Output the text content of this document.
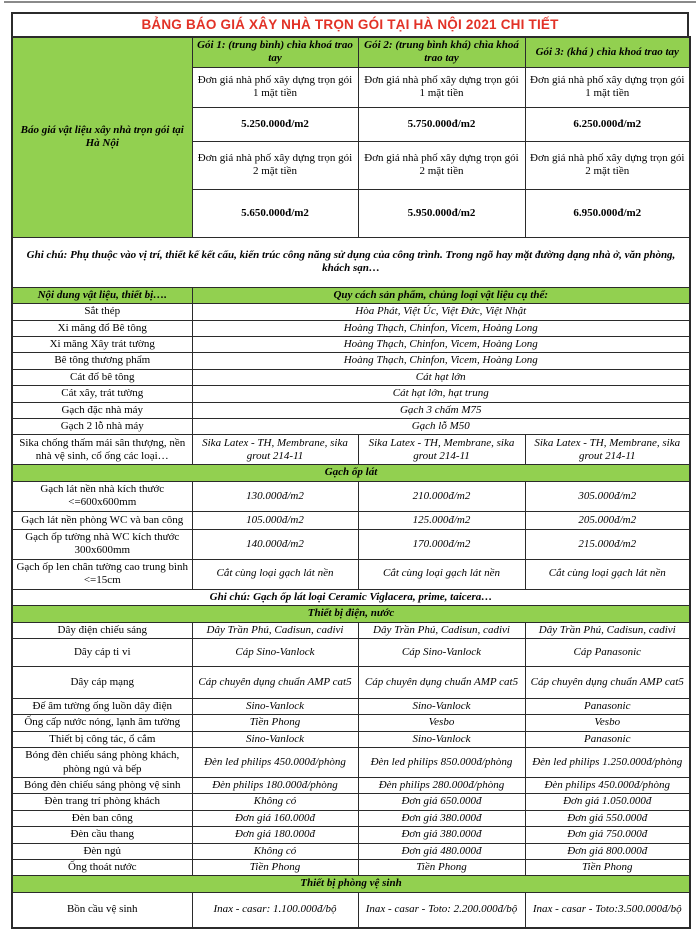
BẢNG BÁO GIÁ XÂY NHÀ TRỌN GÓI TẠI HÀ NỘI 2021 CHI TIẾT
Báo giá vật liệu xây nhà trọn gói tại Hà Nội	Gói 1: (trung bình) chìa khoá trao tay	Gói 2: (trung bình khá) chìa khoá trao tay	Gói 3: (khá ) chìa khoá trao tay
	Đơn giá nhà phố xây dựng trọn gói 1 mặt tiền	Đơn giá nhà phố xây dựng trọn gói 1 mặt tiền	Đơn giá nhà phố xây dựng trọn gói 1 mặt tiền
	5.250.000đ/m2	5.750.000đ/m2	6.250.000đ/m2
	Đơn giá nhà phố xây dựng trọn gói 2 mặt tiền	Đơn giá nhà phố xây dựng trọn gói 2 mặt tiền	Đơn giá nhà phố xây dựng trọn gói 2 mặt tiền
	5.650.000đ/m2	5.950.000đ/m2	6.950.000đ/m2
Ghi chú: Phụ thuộc vào vị trí, thiết kế kết cấu, kiến trúc công năng sử dụng của công trình. Trong ngõ hay mặt đường dạng nhà ở, văn phòng, khách sạn…			
Nội dung vật liệu, thiết bị….	Quy cách sản phẩm, chủng loại vật liệu cụ thể:		
Sắt thép	Hòa Phát, Việt Úc, Việt Đức, Việt Nhật		
Xi măng đổ Bê tông	Hoàng Thạch, Chinfon, Vicem, Hoàng Long		
Xi măng Xây trát tường	Hoàng Thạch, Chinfon, Vicem, Hoàng Long		
Bê tông thương phẩm	Hoàng Thạch, Chinfon, Vicem, Hoàng Long		
Cát đổ bê tông	Cát hạt lớn		
Cát xây, trát tường	Cát hạt lớn, hạt trung		
Gạch đặc nhà máy	Gạch 3 chấm M75		
Gạch 2 lỗ nhà máy	Gạch lỗ M50		
Sika chống thấm mái sân thượng, nền nhà vệ sinh, cổ ống các loại…	Sika Latex - TH, Membrane, sika grout 214-11	Sika Latex - TH, Membrane, sika grout 214-11	Sika Latex - TH, Membrane, sika grout 214-11
Gạch ốp lát			
Gạch lát nền nhà kích thước <=600x600mm	130.000đ/m2	210.000đ/m2	305.000đ/m2
Gạch lát nền phòng WC và ban công	105.000đ/m2	125.000đ/m2	205.000đ/m2
Gạch ốp tường nhà WC kích thước 300x600mm	140.000đ/m2	170.000đ/m2	215.000đ/m2
Gạch ốp len chân tường cao trung bình <=15cm	Cắt cùng loại gạch lát nền	Cắt cùng loại gạch lát nền	Cắt cùng loại gạch lát nền
Ghi chú: Gạch ốp lát loại Ceramic Viglacera, prime, taicera…			
Thiết bị điện, nước			
Dây điện chiếu sáng	Dây Trần Phú, Cadisun, cadivi	Dây Trần Phú, Cadisun, cadivi	Dây Trần Phú, Cadisun, cadivi
Dây cáp ti vi	Cáp Sino-Vanlock	Cáp Sino-Vanlock	Cáp Panasonic
Dây cáp mạng	Cáp chuyên dụng chuẩn AMP cat5	Cáp chuyên dụng chuẩn AMP cat5	Cáp chuyên dụng chuẩn AMP cat5
Đế âm tường ống luồn dây điện	Sino-Vanlock	Sino-Vanlock	Panasonic
Ống cấp nước nóng, lạnh âm tường	Tiền Phong	Vesbo	Vesbo
Thiết bị công tác, ổ cắm	Sino-Vanlock	Sino-Vanlock	Panasonic
Bóng đèn chiếu sáng phòng khách, phòng ngủ và bếp	Đèn led philips 450.000đ/phòng	Đèn led philips 850.000đ/phòng	Đèn led philips 1.250.000đ/phòng
Bóng đèn chiếu sáng phòng vệ sinh	Đèn philips 180.000đ/phòng	Đèn philips 280.000đ/phòng	Đèn philips 450.000đ/phòng
Đèn trang trí phòng khách	Không có	Đơn giá 650.000đ	Đơn giá 1.050.000đ
Đèn ban công	Đơn giá 160.000đ	Đơn giá 380.000đ	Đơn giá 550.000đ
Đèn cầu thang	Đơn giá 180.000đ	Đơn giá 380.000đ	Đơn giá 750.000đ
Đèn ngủ	Không có	Đơn giá 480.000đ	Đơn giá 800.000đ
Ống thoát nước	Tiền Phong	Tiền Phong	Tiền Phong
Thiết bị phòng vệ sinh			
Bồn cầu vệ sinh	Inax - casar: 1.100.000đ/bộ	Inax - casar - Toto: 2.200.000đ/bộ	Inax - casar - Toto:3.500.000đ/bộ
